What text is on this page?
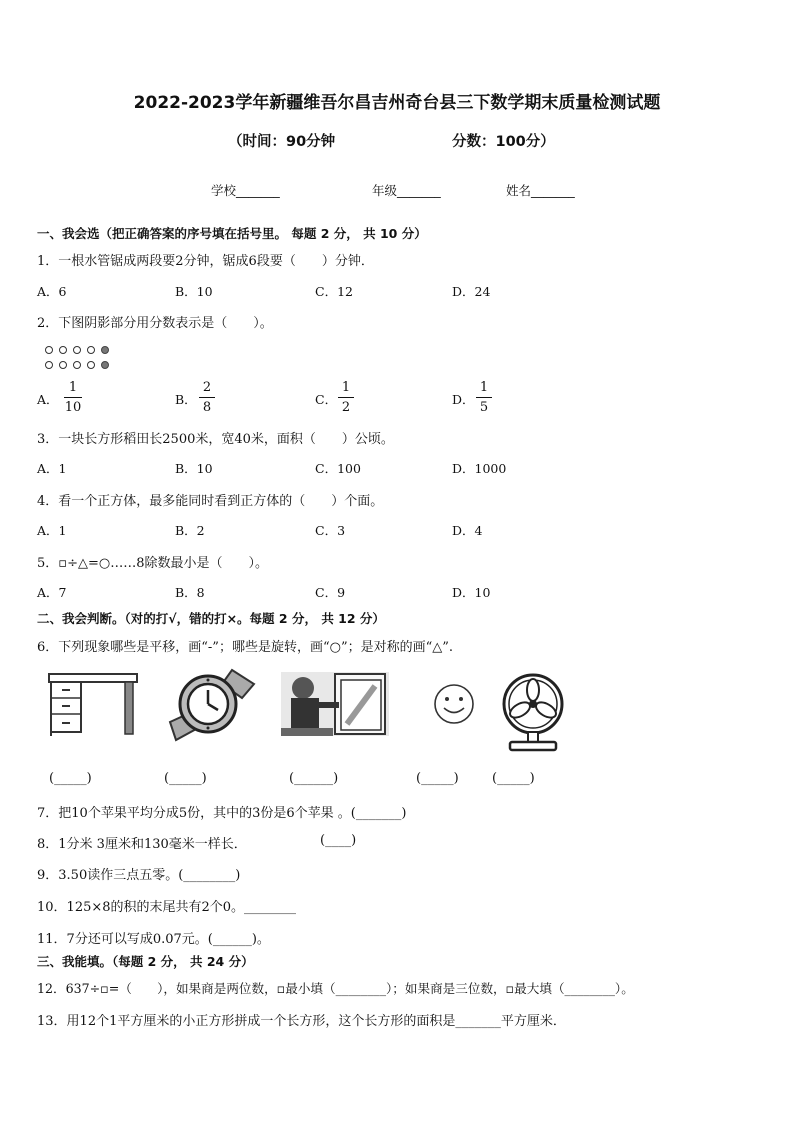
2022-2023学年新疆维吾尔昌吉州奇台县三下数学期末质量检测试题
（时间：90分钟	分数：100分）
学校_______	年级_______	姓名_______
一、我会选（把正确答案的序号填在括号里。 每题 2 分， 共 10 分）
1．一根水管锯成两段要2分钟，锯成6段要（　　）分钟．
A．6	B．10	C．12	D．24
2．下图阴影部分用分数表示是（　　）。
A．
1
10
B．
2
8
C．
1
2
D．
1
5
3．一块长方形稻田长2500米，宽40米，面积（　　）公顷。
A．1	B．10	C．100	D．1000
4．看一个正方体，最多能同时看到正方体的（　　）个面。
A．1	B．2	C．3	D．4
5．▫÷△=○……8除数最小是（　　）。
A．7	B．8	C．9	D．10
二、我会判断。（对的打√，错的打×。每题 2 分， 共 12 分）
6．下列现象哪些是平移，画“-”；哪些是旋转，画“○”；是对称的画“△”.
(_____)	(_____)	(______)	(_____)	(_____)
7．把10个苹果平均分成5份，其中的3份是6个苹果 。(_______)
8．1分米 3厘米和130毫米一样长．	(____)
9．3.50读作三点五零。(________)
10．125×8的积的末尾共有2个0。________
11．7分还可以写成0.07元。(______)。
三、我能填。（每题 2 分， 共 24 分）
12．637÷▫=（　　），如果商是两位数，▫最小填（________）；如果商是三位数，▫最大填（________）。
13．用12个1平方厘米的小正方形拼成一个长方形，这个长方形的面积是_______平方厘米．
